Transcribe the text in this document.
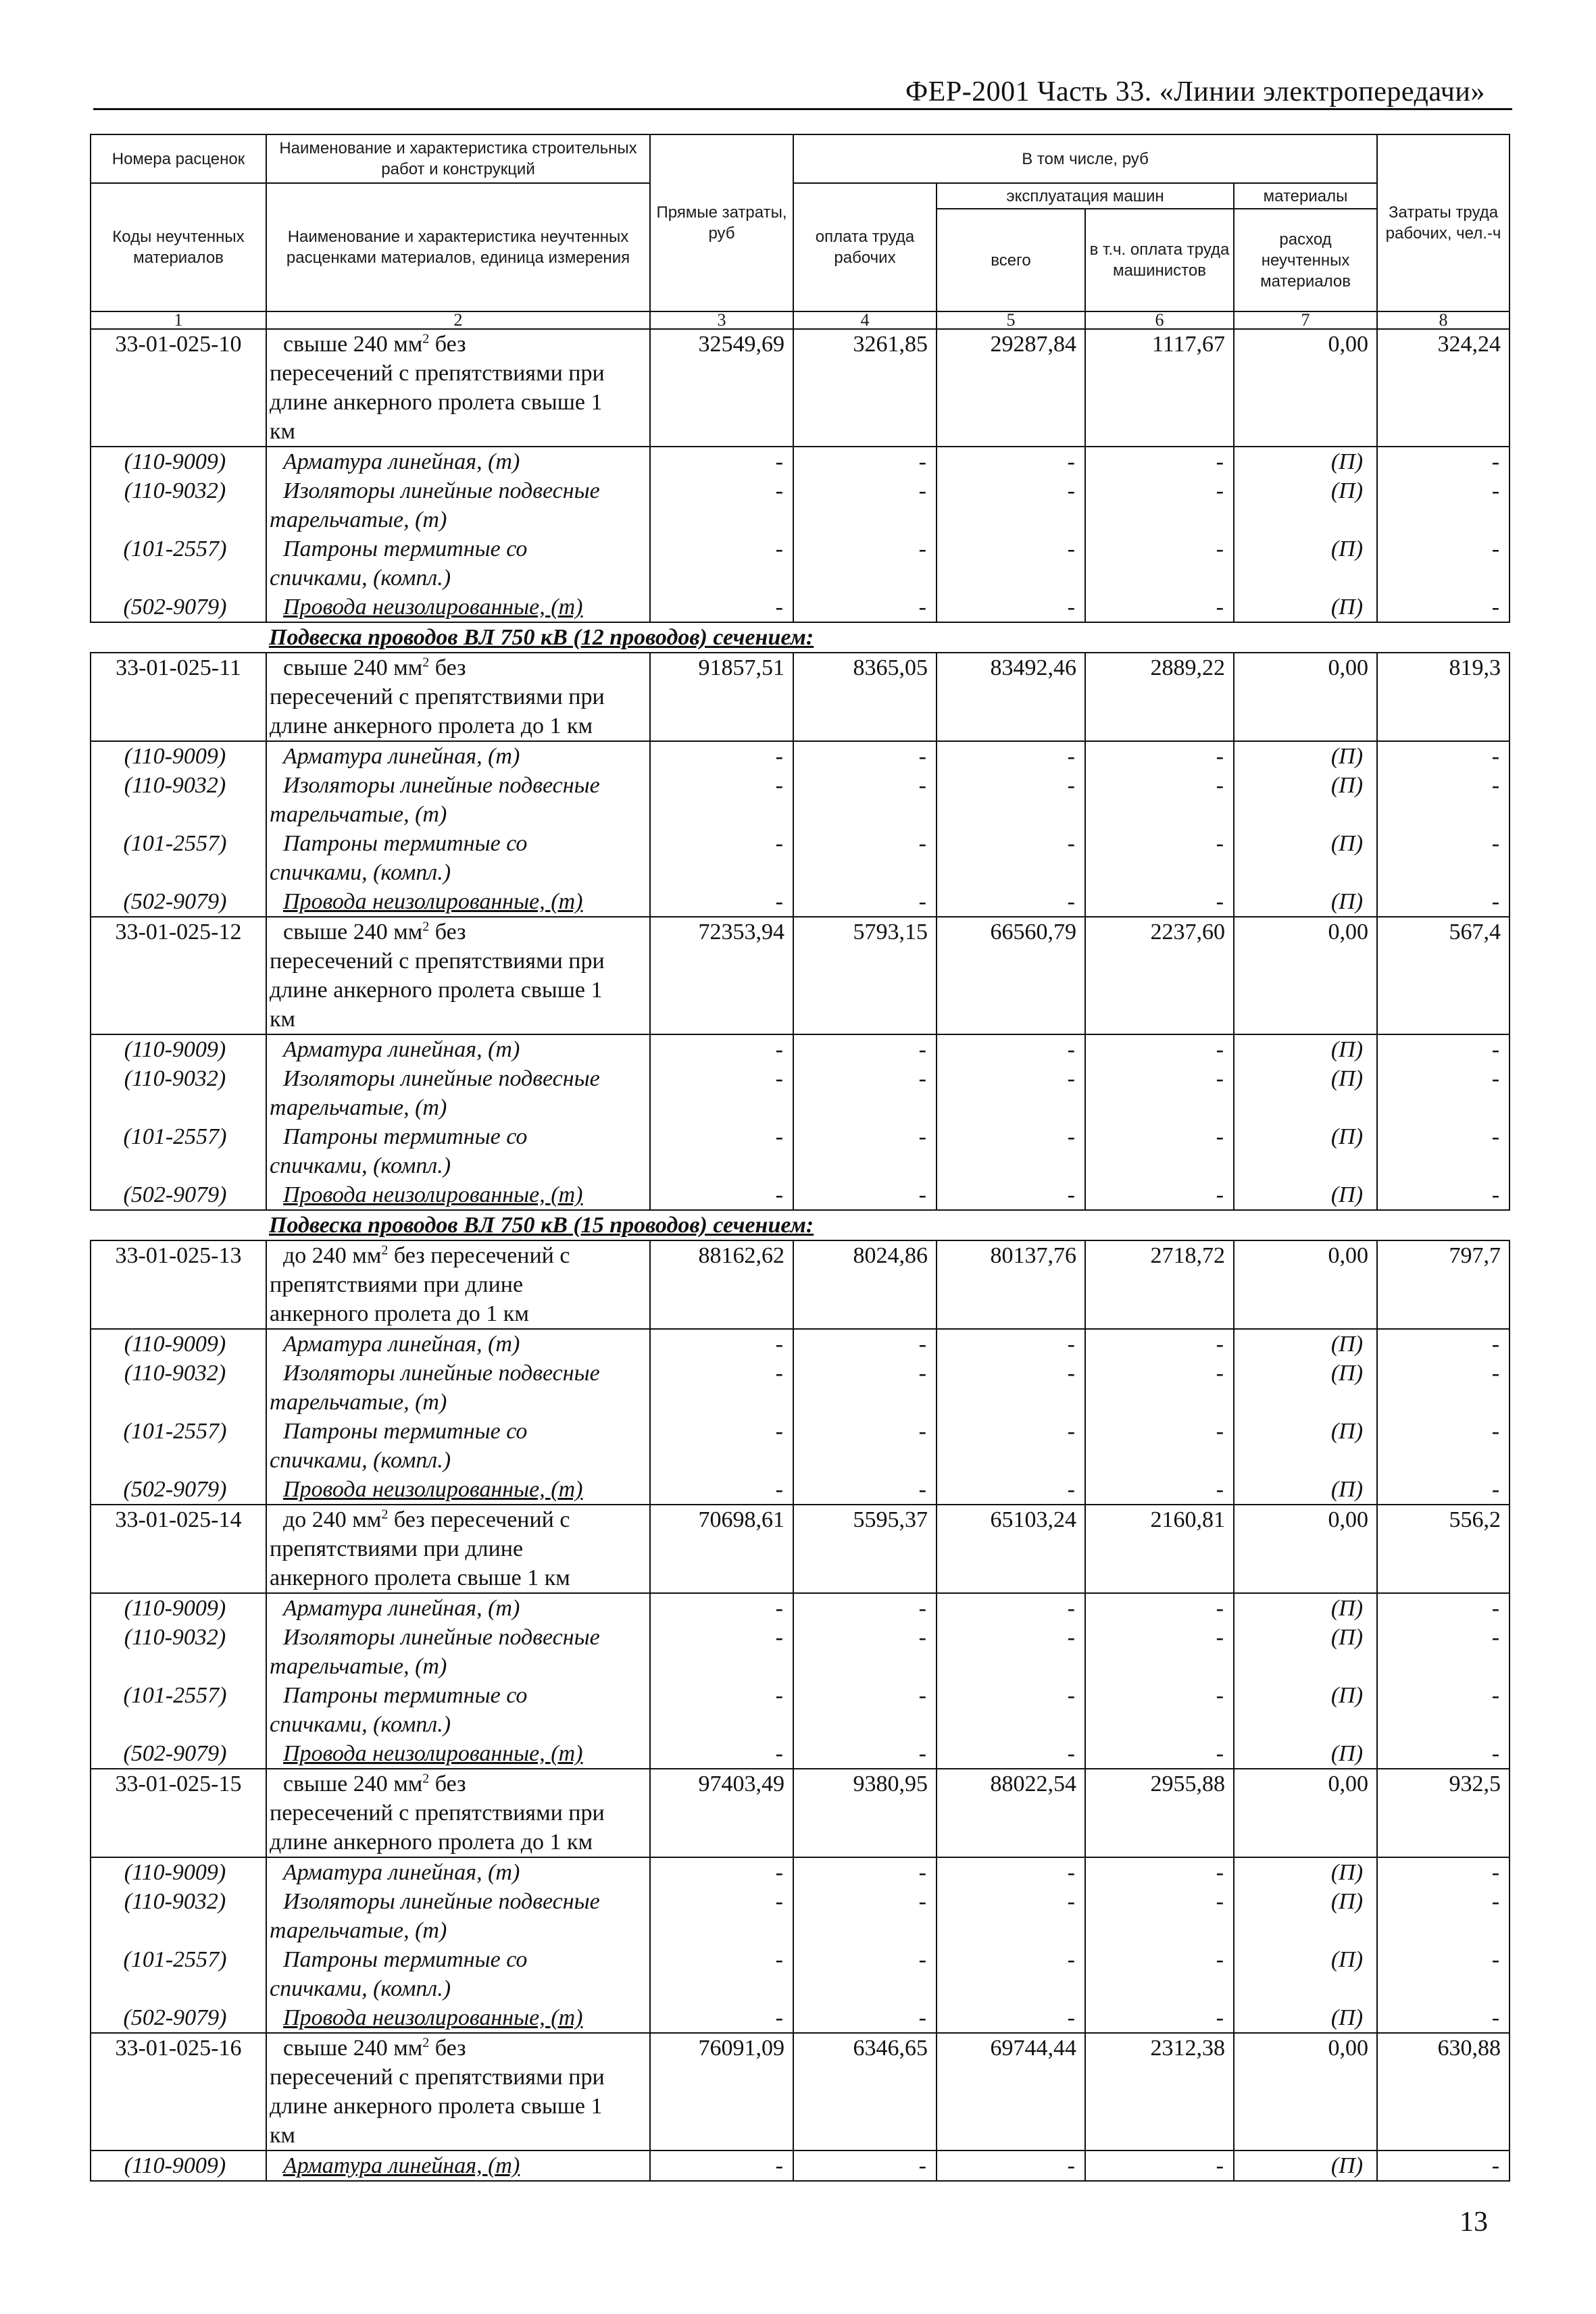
ФЕР-2001 Часть 33. «Линии электропередачи»
Номера расценок	Наименование и характеристика строительных работ и конструкций	Прямые затраты, руб	В том числе, руб				Затраты труда рабочих, чел.-ч
Коды неучтенных материалов	Наименование и характеристика неучтенных расценками материалов, единица измерения		оплата труда рабочих	эксплуатация машин		материалы	
				всего	в т.ч. оплата труда машинистов	расход неучтенных материалов	
1	2	3	4	5	6	7	8
33-01-025-10	свыше 240 $мм^2$ без
пересечений с препятствиями при
длине анкерного пролета свыше 1
км	32549,69	3261,85	29287,84	1117,67	0,00	324,24
(110-9009)	Арматура линейная, (т)	-	-	-	-	(П)	-
(110-9032)	Изоляторы линейные подвесные
тарельчатые, (т)	-	-	-	-	(П)	-
(101-2557)	Патроны термитные со
спичками, (компл.)	-	-	-	-	(П)	-
(502-9079)	Провода неизолированные, (т)	-	-	-	-	(П)	-
	Подвеска проводов ВЛ 750 кВ (12 проводов) сечением:						
33-01-025-11	свыше 240 $мм^2$ без
пересечений с препятствиями при
длине анкерного пролета до 1 км	91857,51	8365,05	83492,46	2889,22	0,00	819,3
(110-9009)	Арматура линейная, (т)	-	-	-	-	(П)	-
(110-9032)	Изоляторы линейные подвесные
тарельчатые, (т)	-	-	-	-	(П)	-
(101-2557)	Патроны термитные со
спичками, (компл.)	-	-	-	-	(П)	-
(502-9079)	Провода неизолированные, (т)	-	-	-	-	(П)	-
33-01-025-12	свыше 240 $мм^2$ без
пересечений с препятствиями при
длине анкерного пролета свыше 1
км	72353,94	5793,15	66560,79	2237,60	0,00	567,4
(110-9009)	Арматура линейная, (т)	-	-	-	-	(П)	-
(110-9032)	Изоляторы линейные подвесные
тарельчатые, (т)	-	-	-	-	(П)	-
(101-2557)	Патроны термитные со
спичками, (компл.)	-	-	-	-	(П)	-
(502-9079)	Провода неизолированные, (т)	-	-	-	-	(П)	-
	Подвеска проводов ВЛ 750 кВ (15 проводов) сечением:						
33-01-025-13	до 240 $мм^2$ без пересечений с
препятствиями при длине
анкерного пролета до 1 км	88162,62	8024,86	80137,76	2718,72	0,00	797,7
(110-9009)	Арматура линейная, (т)	-	-	-	-	(П)	-
(110-9032)	Изоляторы линейные подвесные
тарельчатые, (т)	-	-	-	-	(П)	-
(101-2557)	Патроны термитные со
спичками, (компл.)	-	-	-	-	(П)	-
(502-9079)	Провода неизолированные, (т)	-	-	-	-	(П)	-
33-01-025-14	до 240 $мм^2$ без пересечений с
препятствиями при длине
анкерного пролета свыше 1 км	70698,61	5595,37	65103,24	2160,81	0,00	556,2
(110-9009)	Арматура линейная, (т)	-	-	-	-	(П)	-
(110-9032)	Изоляторы линейные подвесные
тарельчатые, (т)	-	-	-	-	(П)	-
(101-2557)	Патроны термитные со
спичками, (компл.)	-	-	-	-	(П)	-
(502-9079)	Провода неизолированные, (т)	-	-	-	-	(П)	-
33-01-025-15	свыше 240 $мм^2$ без
пересечений с препятствиями при
длине анкерного пролета до 1 км	97403,49	9380,95	88022,54	2955,88	0,00	932,5
(110-9009)	Арматура линейная, (т)	-	-	-	-	(П)	-
(110-9032)	Изоляторы линейные подвесные
тарельчатые, (т)	-	-	-	-	(П)	-
(101-2557)	Патроны термитные со
спичками, (компл.)	-	-	-	-	(П)	-
(502-9079)	Провода неизолированные, (т)	-	-	-	-	(П)	-
33-01-025-16	свыше 240 $мм^2$ без
пересечений с препятствиями при
длине анкерного пролета свыше 1
км	76091,09	6346,65	69744,44	2312,38	0,00	630,88
(110-9009)	Арматура линейная, (т)	-	-	-	-	(П)	-
13
